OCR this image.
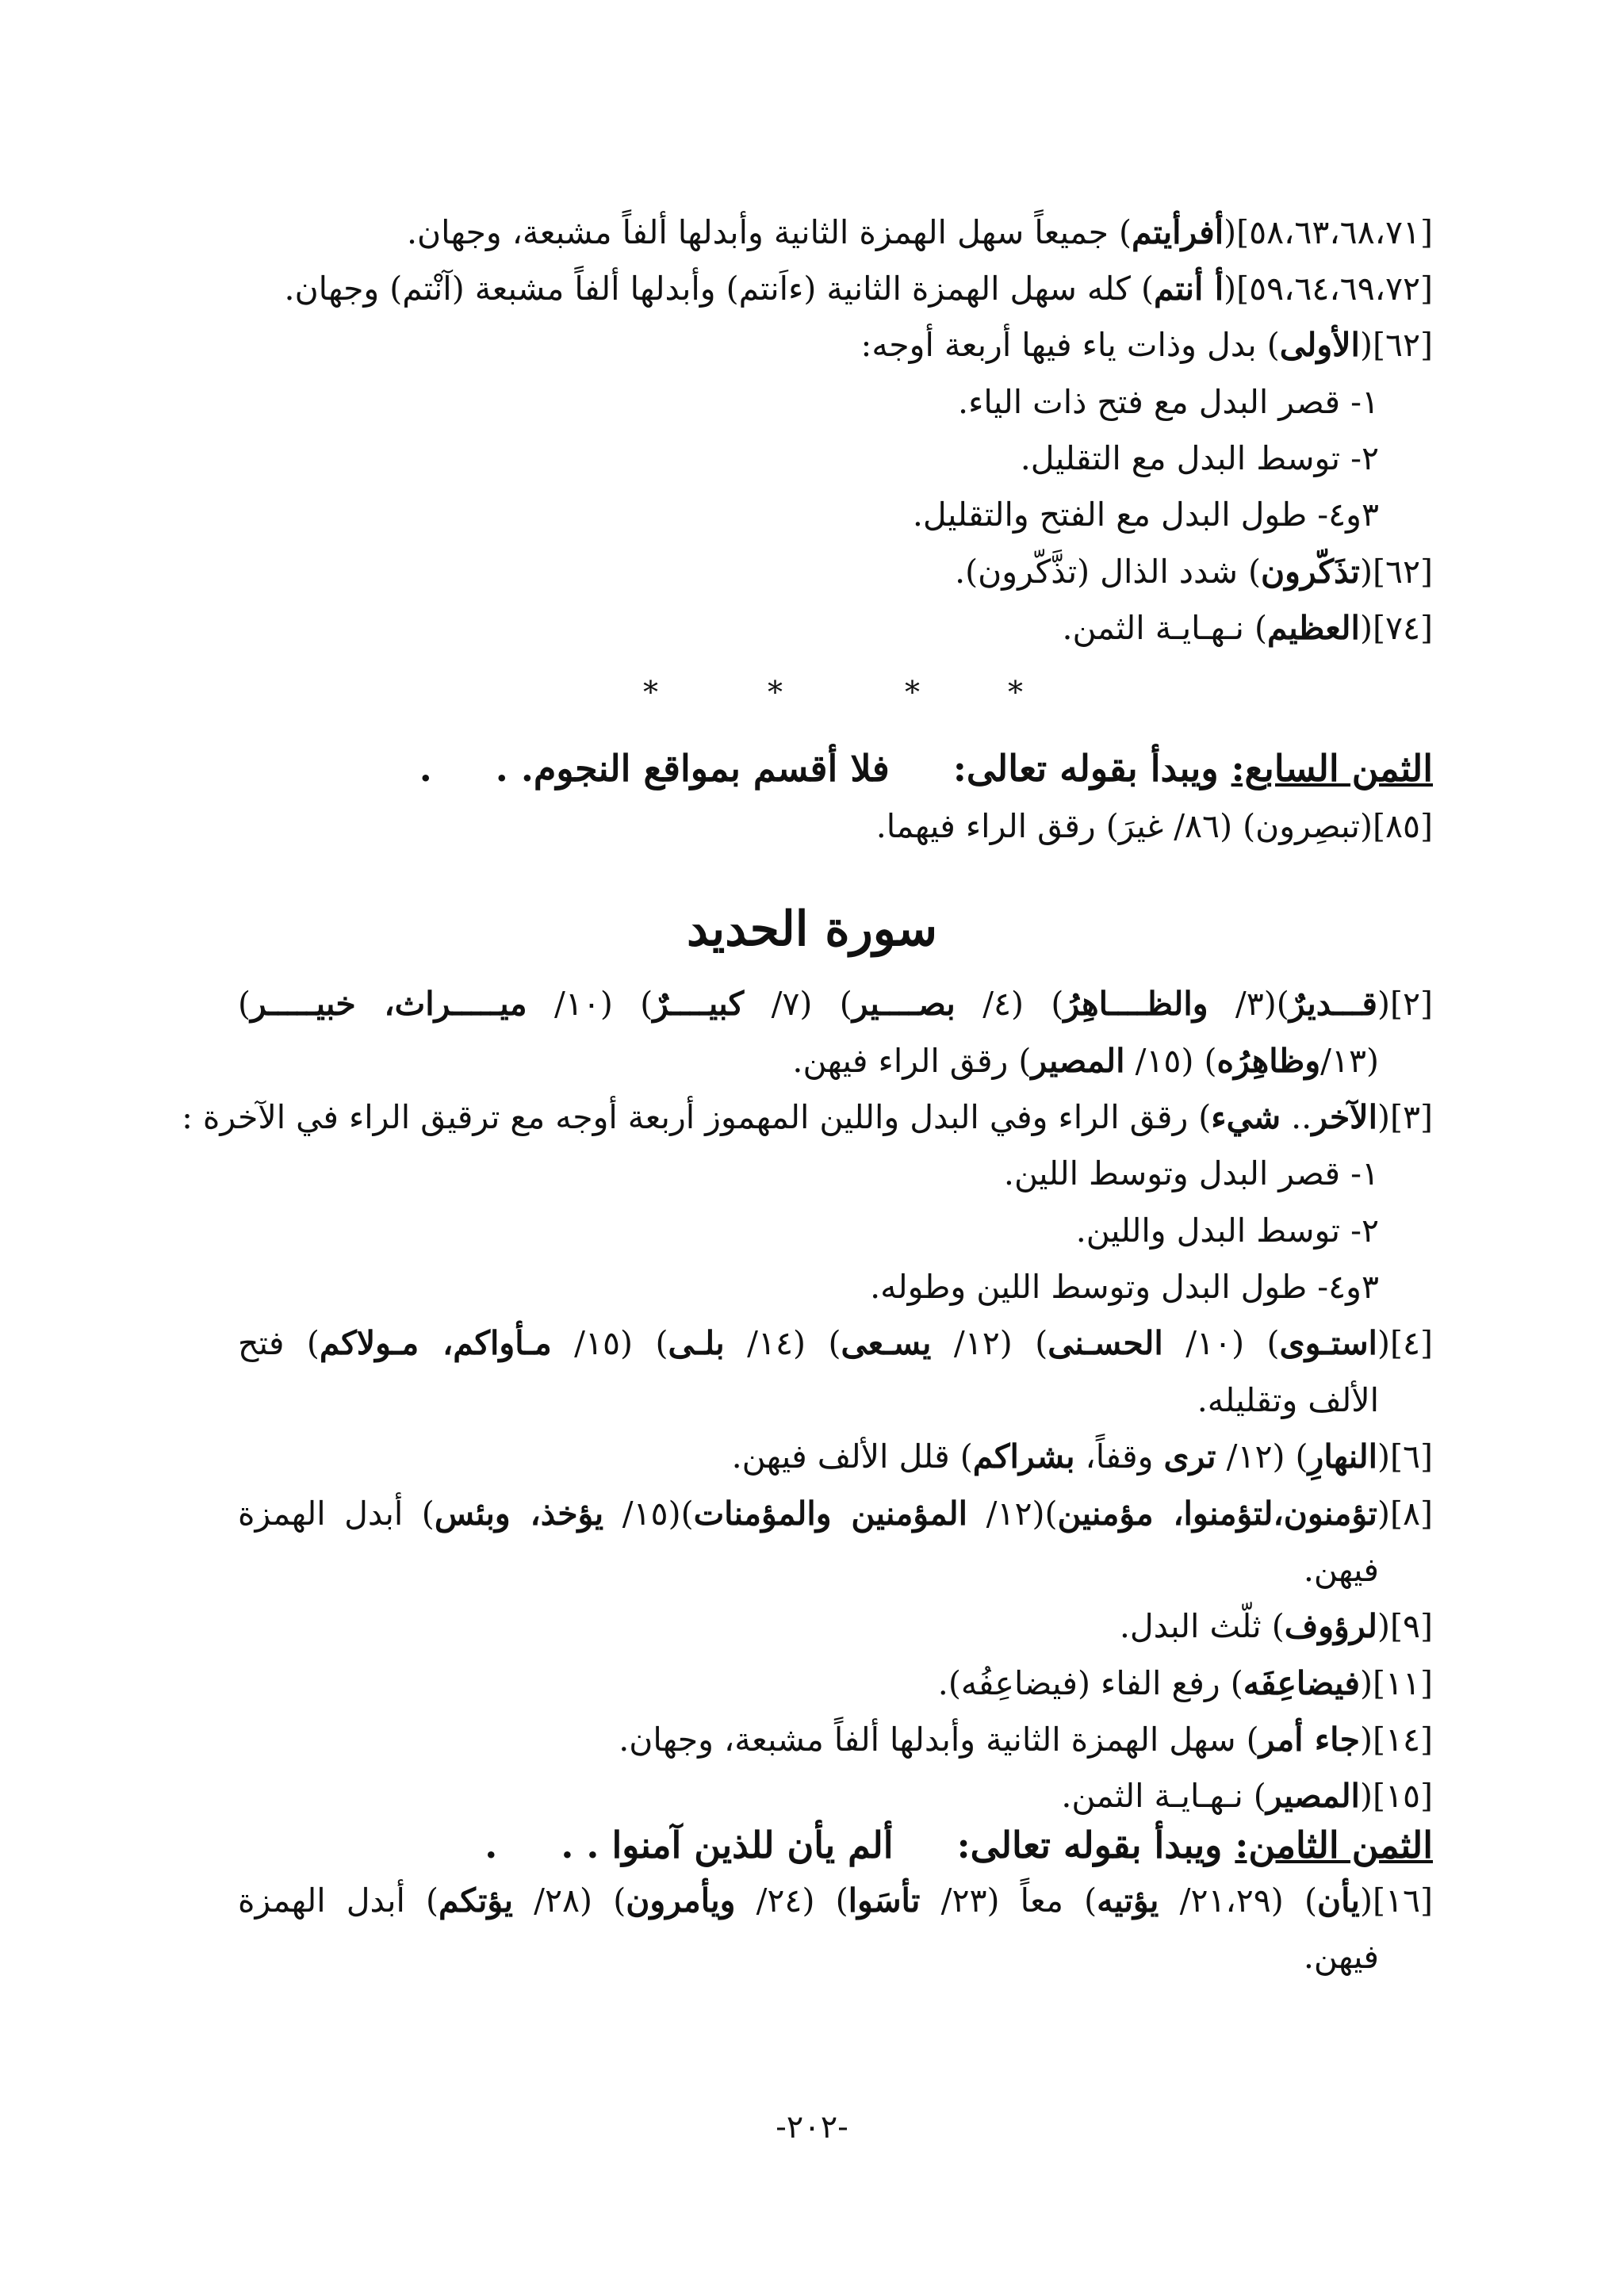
[٥٨،٦٣،٦٨،٧١](أفرأيتم) جميعاً سهل الهمزة الثانية وأبدلها ألفاً مشبعة، وجهان.
[٥٩،٦٤،٦٩،٧٢](أ أنتم) كله سهل الهمزة الثانية (ءاَنتم) وأبدلها ألفاً مشبعة (آنْتم) وجهان.
[٦٢](الأولى) بدل وذات ياء فيها أربعة أوجه:
١- قصر البدل مع فتح ذات الياء.
٢- توسط البدل مع التقليل.
٣و٤- طول البدل مع الفتح والتقليل.
[٦٢](تذَكّرون) شدد الذال (تذَّكّرون).
[٧٤](العظيم) نـهـايـة الثمن.
*	*	*	*
الثمن السابع: ويبدأ بقوله تعالى:     فلا أقسم بمواقع النجوم. .     .
[٨٥](تبصِرون) (٨٦/ غيرَ) رقق الراء فيهما.
سورة الحديد
[٢](قـــديرٌ)(٣/ والظــــاهِرُ) (٤/ بصــــير) (٧/ كبيــــرٌ) (١٠/ ميـــــراث، خبيـــــر)
(١٣/وظاهِرُه) (١٥/ المصير) رقق الراء فيهن.
[٣](الآخر.. شيء) رقق الراء وفي البدل واللين المهموز أربعة أوجه مع ترقيق الراء في الآخرة :
١- قصر البدل وتوسط اللين.
٢- توسط البدل واللين.
٣و٤- طول البدل وتوسط اللين وطوله.
[٤](استـوى) (١٠/ الحسـنى) (١٢/ يسـعى) (١٤/ بلـى) (١٥/ مـأواكم، مـولاكم) فتح
الألف وتقليله.
[٦](النهارِ) (١٢/ ترى وقفاً، بشراكم) قلل الألف فيهن.
[٨](تؤمنون،لتؤمنوا، مؤمنين)(١٢/ المؤمنين والمؤمنات)(١٥/ يؤخذ، وبئس) أبدل الهمزة
فيهن.
[٩](لرؤوف) ثلّث البدل.
[١١](فيضاعِفَه) رفع الفاء (فيضاعِفُه).
[١٤](جاء أمر) سهل الهمزة الثانية وأبدلها ألفاً مشبعة، وجهان.
[١٥](المصير) نـهـايـة الثمن.
الثمن الثامن: ويبدأ بقوله تعالى:     ألم يأن للذين آمنوا . .     .
[١٦](يأن) (٢١،٢٩/ يؤتيه) معاً (٢٣/ تأسَوا) (٢٤/ ويأمرون) (٢٨/ يؤتكم) أبدل الهمزة
فيهن.
-٢٠٢-
